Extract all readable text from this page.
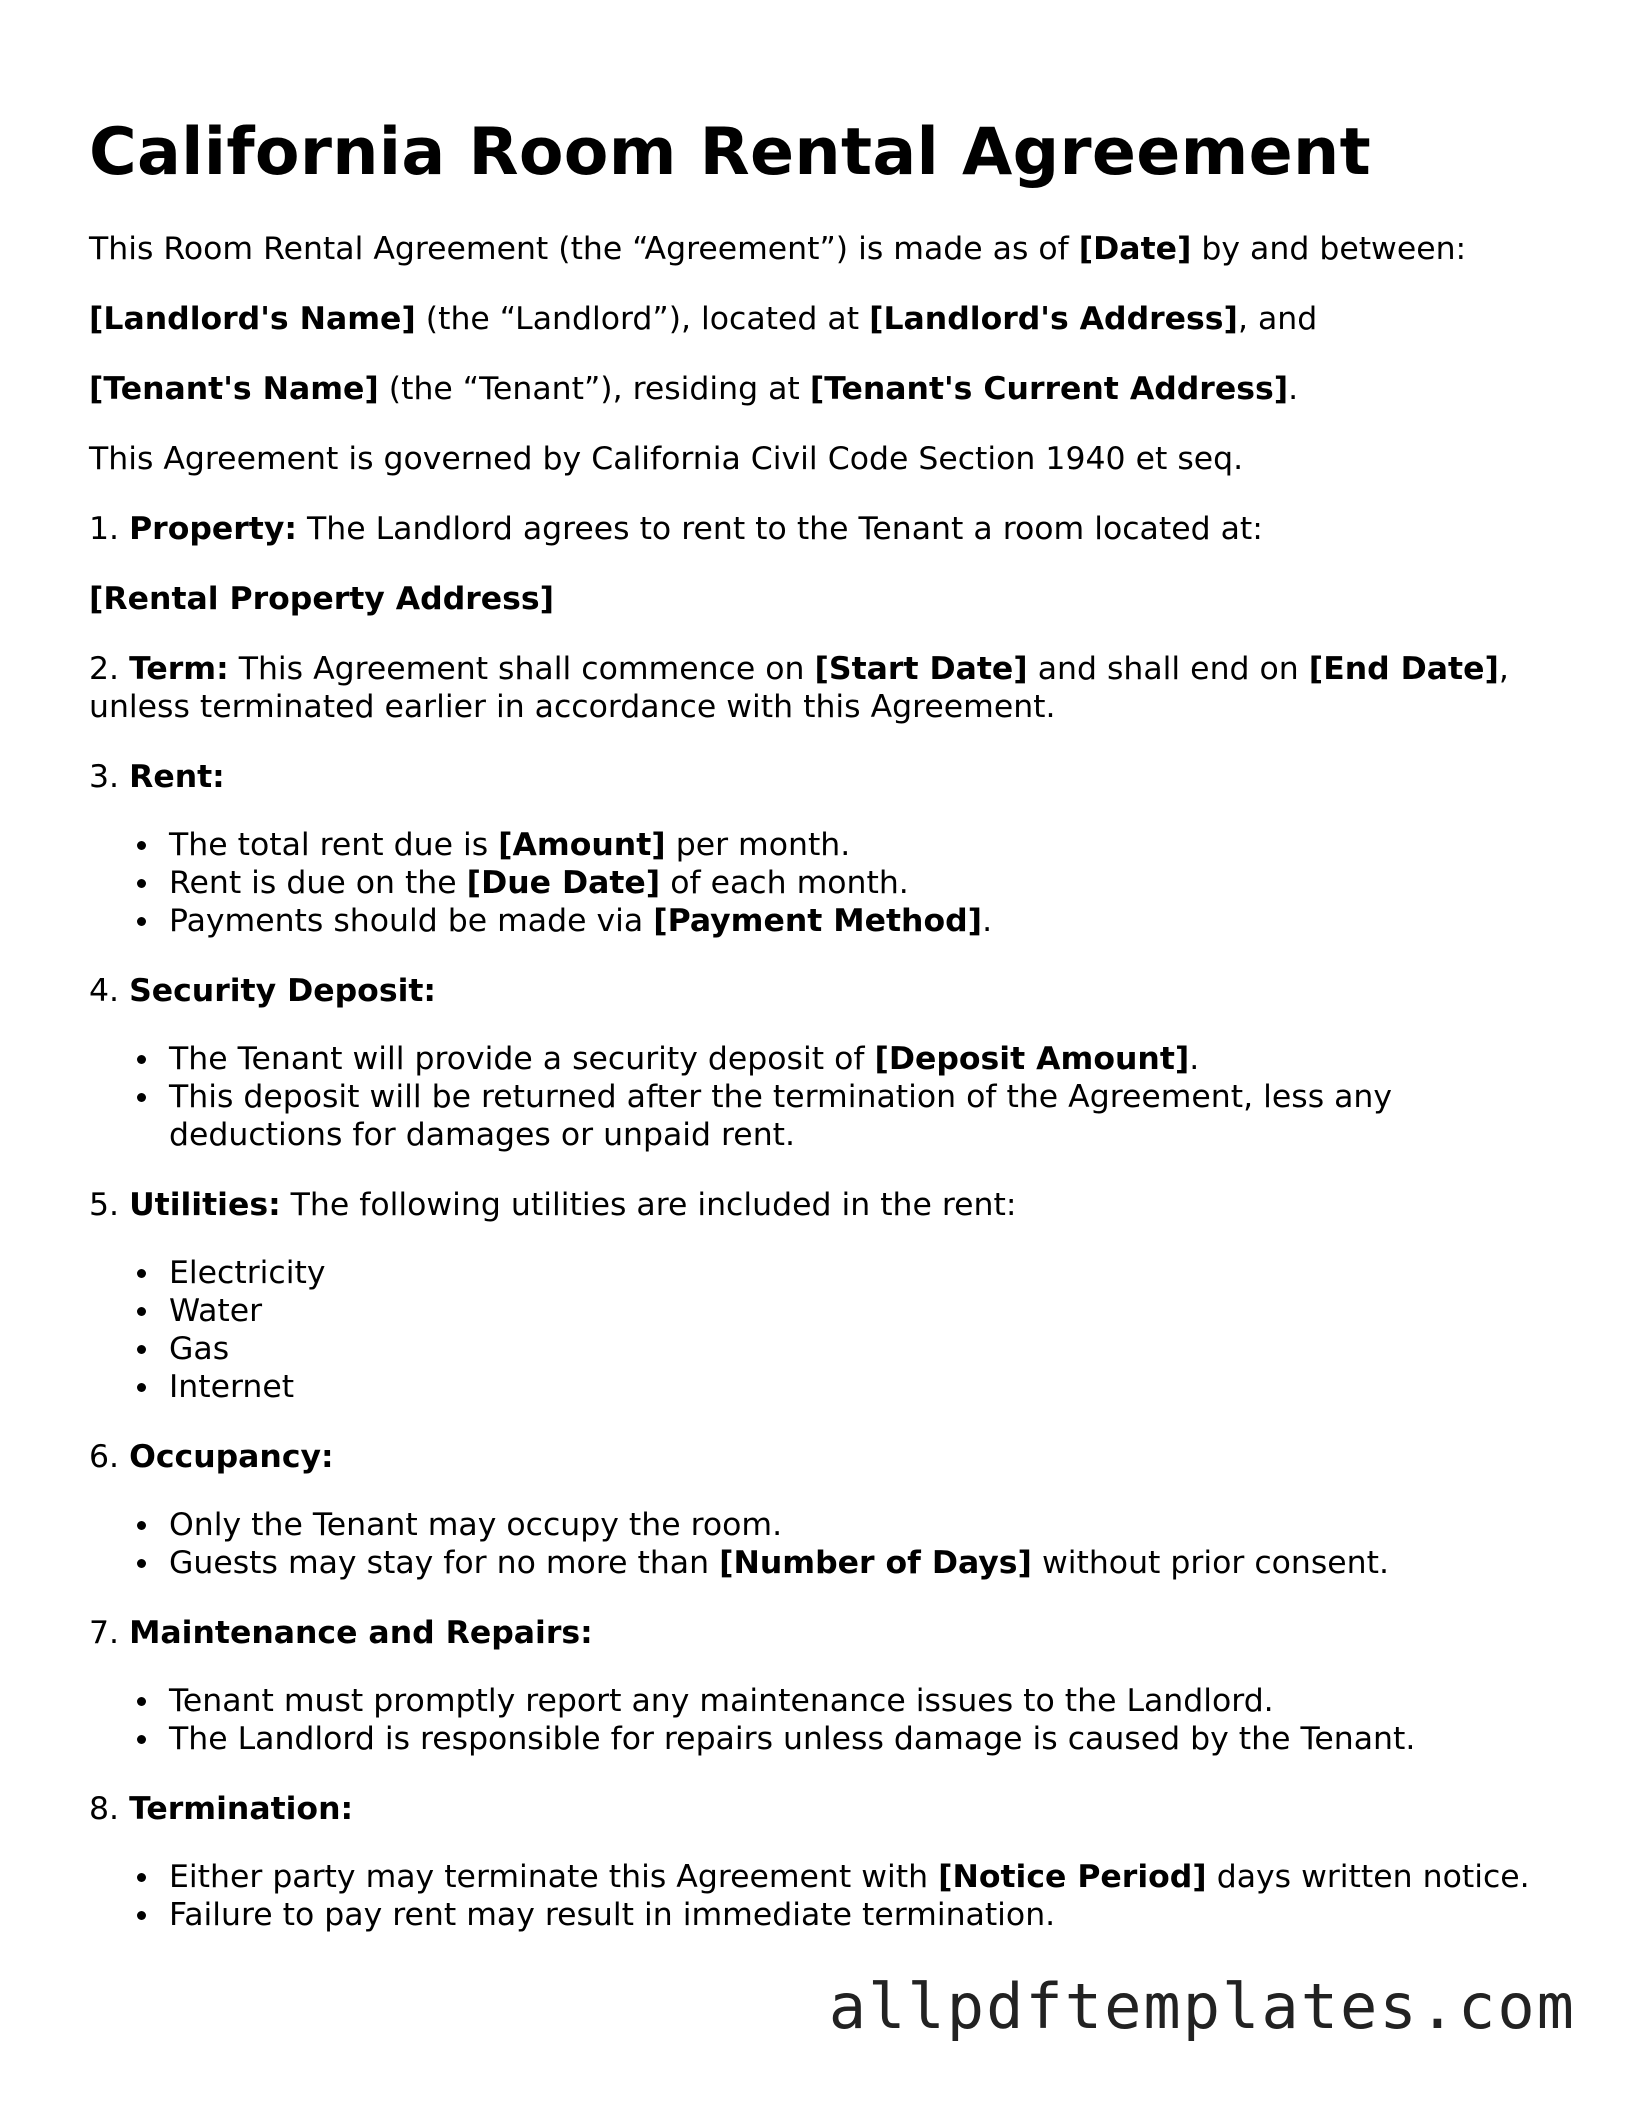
California Room Rental Agreement

This Room Rental Agreement (the “Agreement”) is made as of [Date] by and between:

[Landlord's Name] (the “Landlord”), located at [Landlord's Address], and

[Tenant's Name] (the “Tenant”), residing at [Tenant's Current Address].

This Agreement is governed by California Civil Code Section 1940 et seq.

1. Property: The Landlord agrees to rent to the Tenant a room located at:

[Rental Property Address]

2. Term: This Agreement shall commence on [Start Date] and shall end on [End Date], unless terminated earlier in accordance with this Agreement.

3. Rent:

The total rent due is [Amount] per month.
Rent is due on the [Due Date] of each month.
Payments should be made via [Payment Method].

4. Security Deposit:

The Tenant will provide a security deposit of [Deposit Amount].
This deposit will be returned after the termination of the Agreement, less any deductions for damages or unpaid rent.

5. Utilities: The following utilities are included in the rent:

Electricity
Water
Gas
Internet

6. Occupancy:

Only the Tenant may occupy the room.
Guests may stay for no more than [Number of Days] without prior consent.

7. Maintenance and Repairs:

Tenant must promptly report any maintenance issues to the Landlord.
The Landlord is responsible for repairs unless damage is caused by the Tenant.

8. Termination:

Either party may terminate this Agreement with [Notice Period] days written notice.
Failure to pay rent may result in immediate termination.
allpdftemplates.com
